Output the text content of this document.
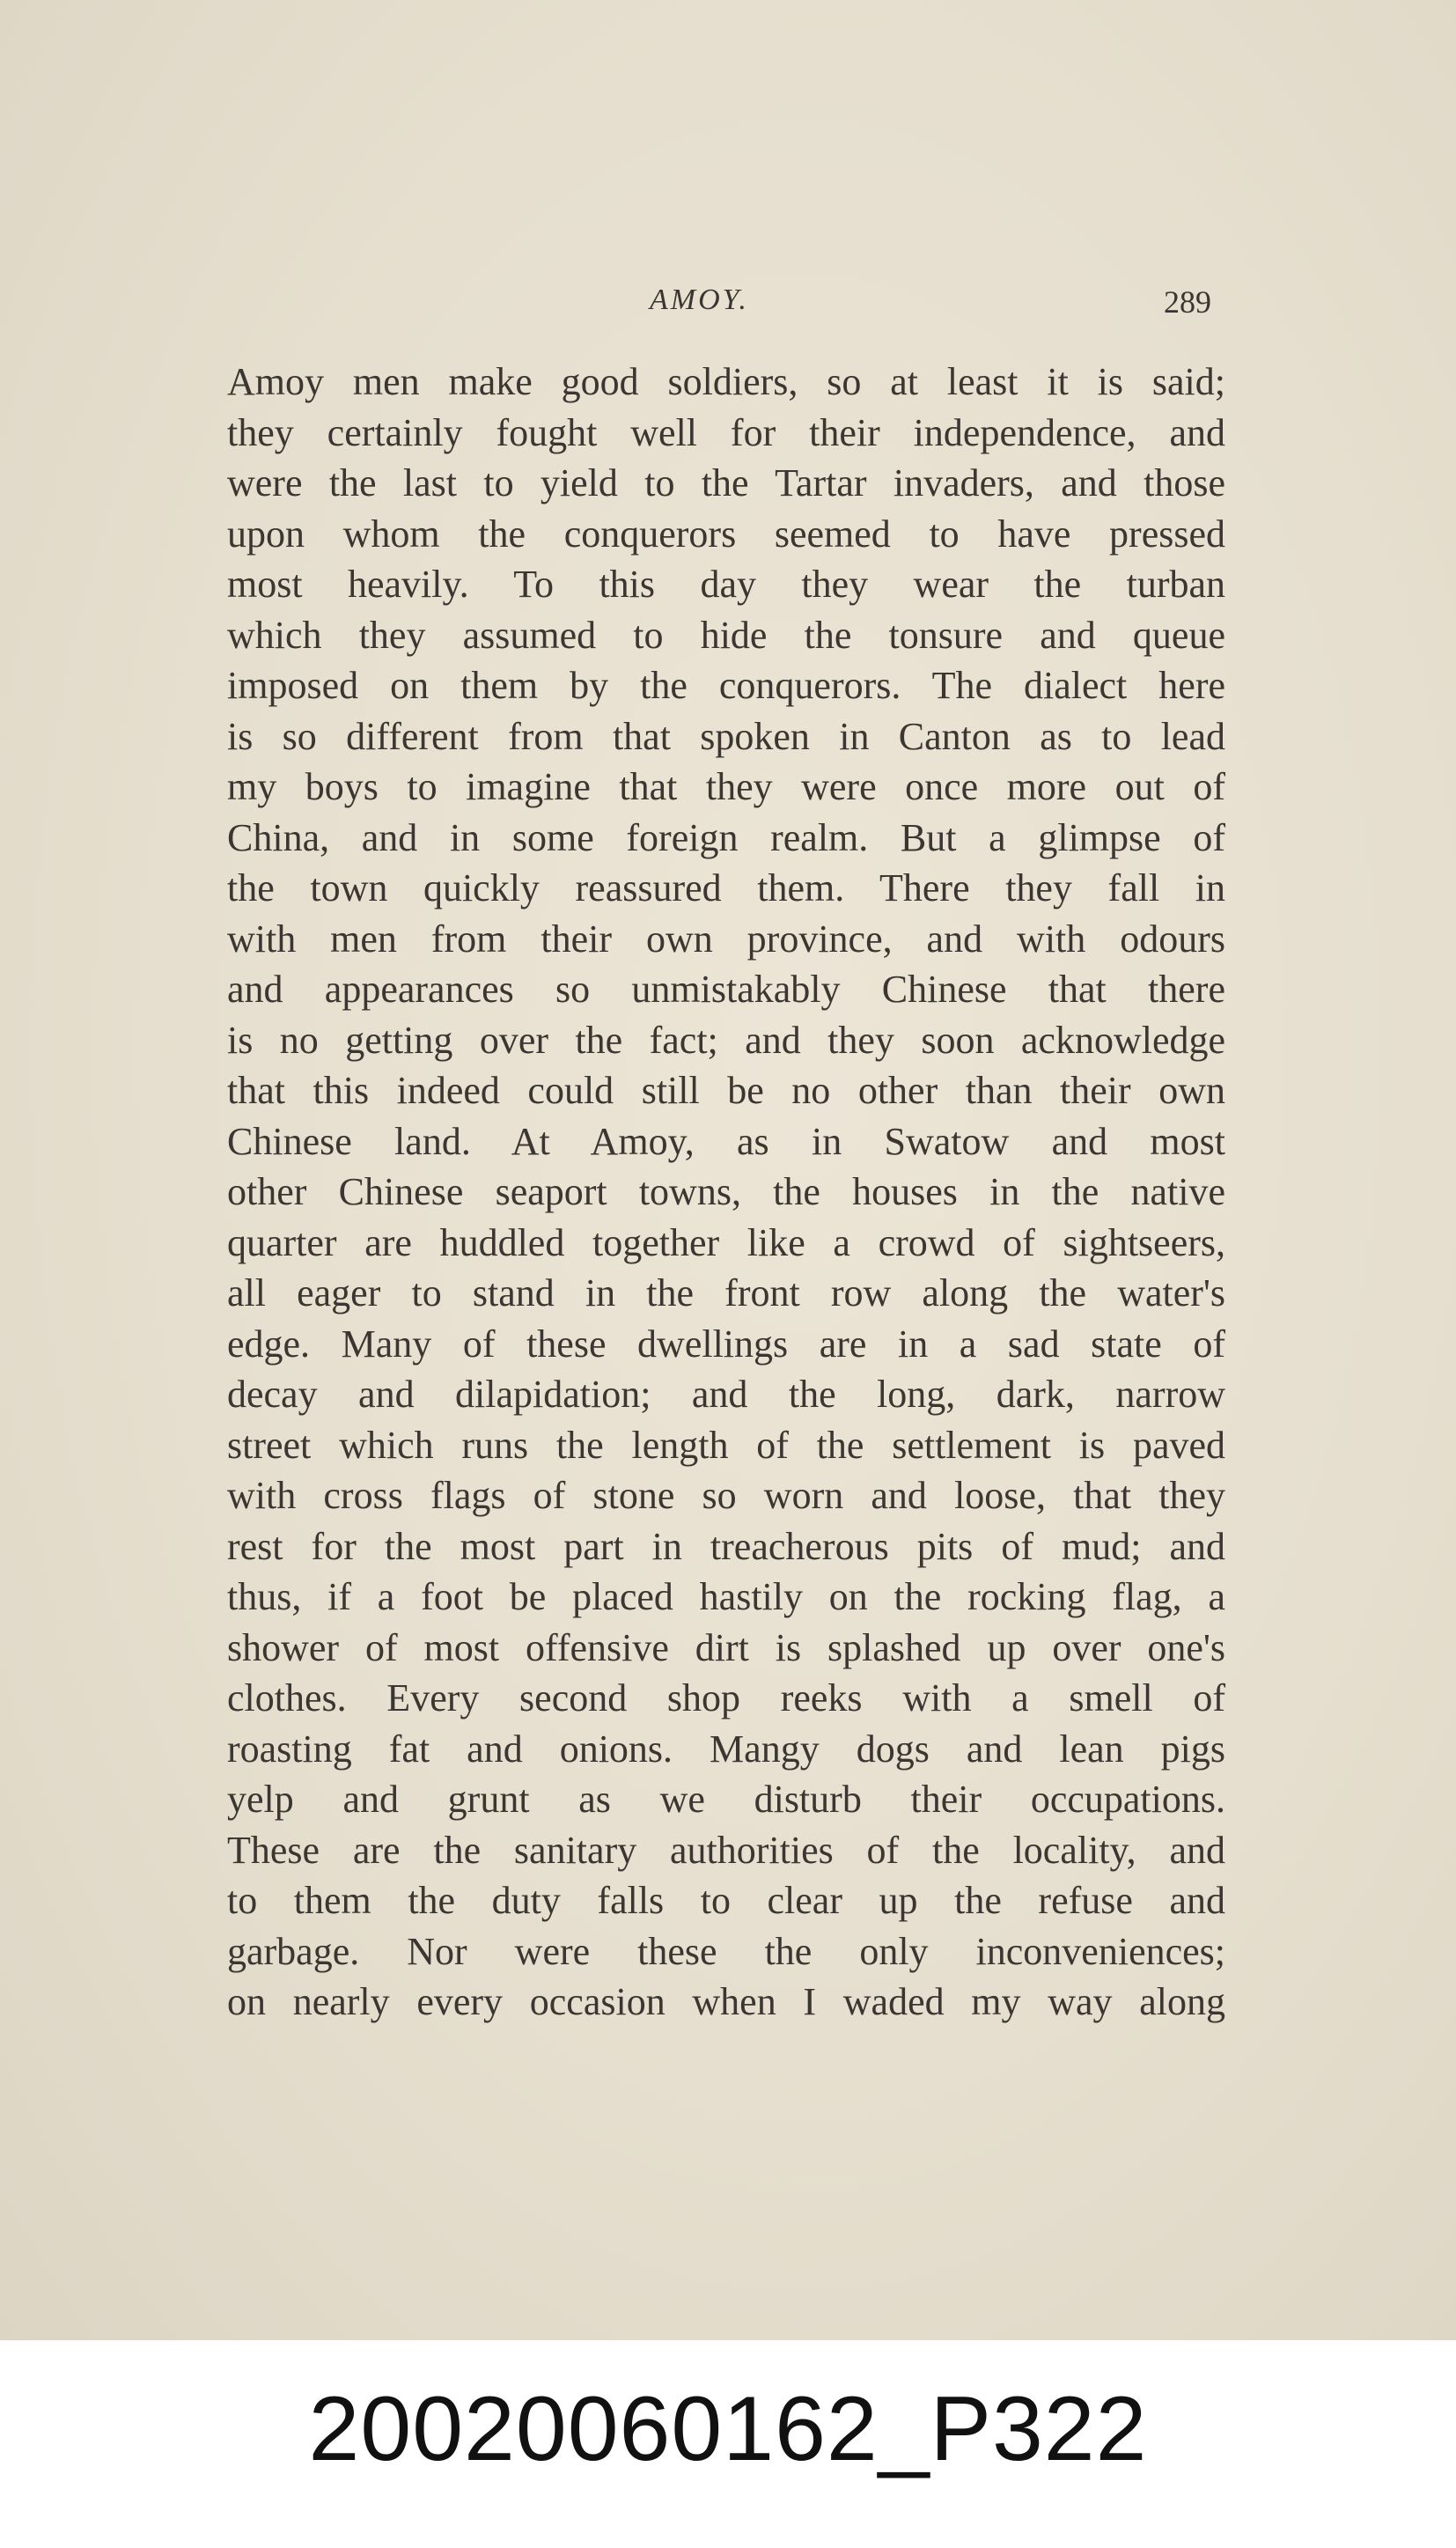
AMOY.	289
Amoy men make good soldiers, so at least it is said;
they certainly fought well for their independence, and
were the last to yield to the Tartar invaders, and those
upon whom the conquerors seemed to have pressed
most heavily. To this day they wear the turban
which they assumed to hide the tonsure and queue
imposed on them by the conquerors. The dialect here
is so different from that spoken in Canton as to lead
my boys to imagine that they were once more out of
China, and in some foreign realm. But a glimpse of
the town quickly reassured them. There they fall in
with men from their own province, and with odours
and appearances so unmistakably Chinese that there
is no getting over the fact; and they soon acknowledge
that this indeed could still be no other than their own
Chinese land. At Amoy, as in Swatow and most
other Chinese seaport towns, the houses in the native
quarter are huddled together like a crowd of sightseers,
all eager to stand in the front row along the water's
edge. Many of these dwellings are in a sad state of
decay and dilapidation; and the long, dark, narrow
street which runs the length of the settlement is paved
with cross flags of stone so worn and loose, that they
rest for the most part in treacherous pits of mud; and
thus, if a foot be placed hastily on the rocking flag, a
shower of most offensive dirt is splashed up over one's
clothes. Every second shop reeks with a smell of
roasting fat and onions. Mangy dogs and lean pigs
yelp and grunt as we disturb their occupations.
These are the sanitary authorities of the locality, and
to them the duty falls to clear up the refuse and
garbage. Nor were these the only inconveniences;
on nearly every occasion when I waded my way along
20020060162_P322
